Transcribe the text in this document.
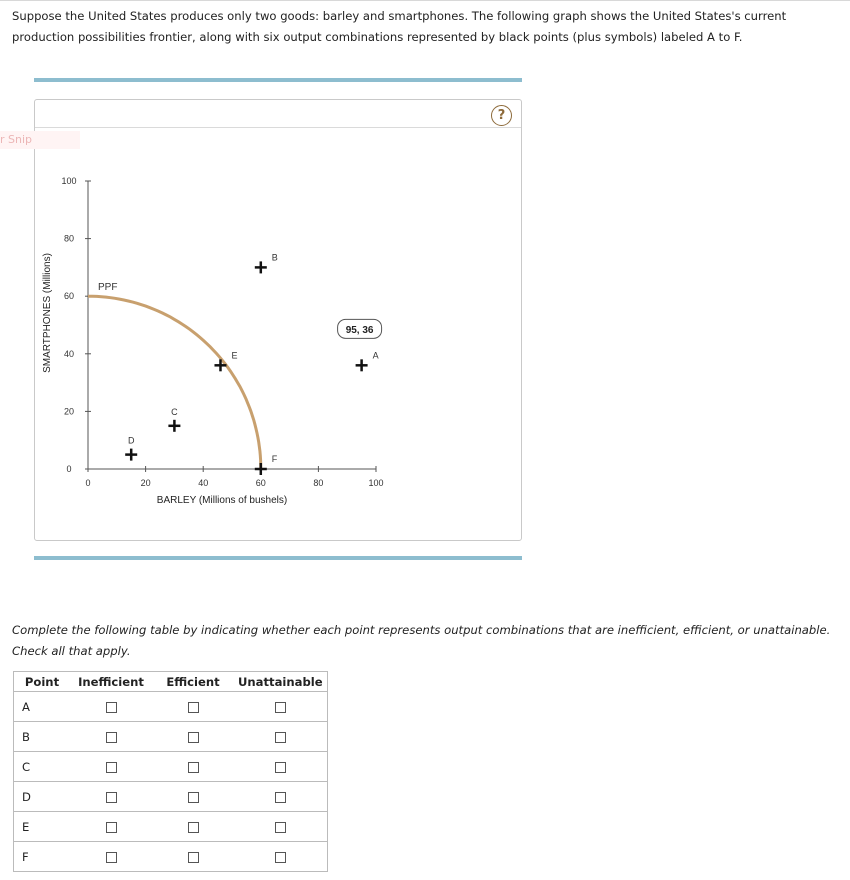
Suppose the United States produces only two goods: barley and smartphones. The following graph shows the United States's current production possibilities frontier, along with six output combinations represented by black points (plus symbols) labeled A to F.
?
r Snip
0	20	40	60	80	100
0
20
40
60
80
100
PPF
A
B
C
D
E
F
95, 36
BARLEY (Millions of bushels)
SMARTPHONES (Millions)
Complete the following table by indicating whether each point represents output combinations that are inefficient, efficient, or unattainable. Check all that apply.
Point	Inefficient	Efficient	Unattainable
A			
B			
C			
D			
E			
F			
